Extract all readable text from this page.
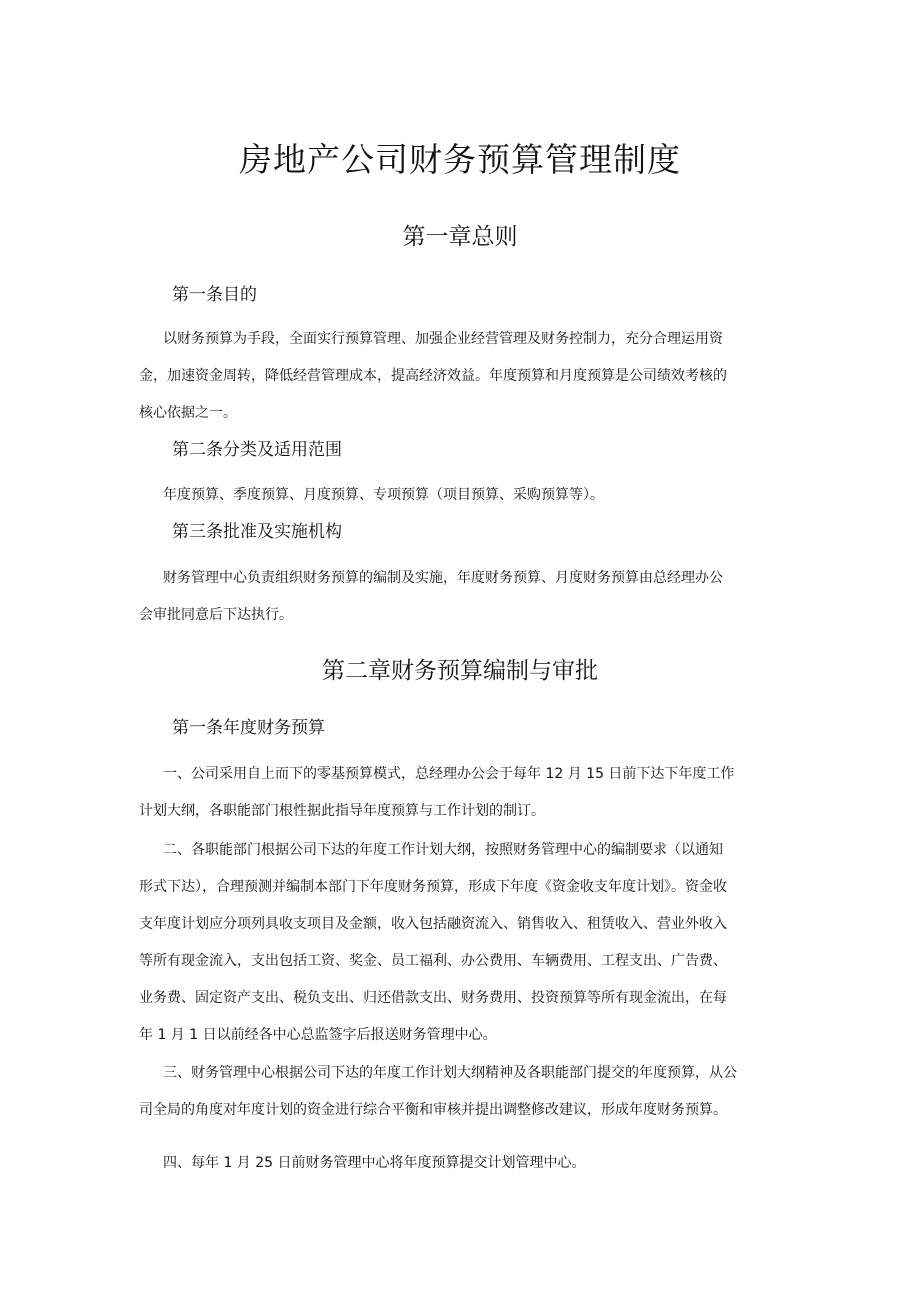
房地产公司财务预算管理制度
第一章总则
第一条目的
以财务预算为手段，全面实行预算管理、加强企业经营管理及财务控制力，充分合理运用资
金，加速资金周转，降低经营管理成本，提高经济效益。年度预算和月度预算是公司绩效考核的
核心依据之一。
第二条分类及适用范围
年度预算、季度预算、月度预算、专项预算（项目预算、采购预算等）。
第三条批准及实施机构
财务管理中心负责组织财务预算的编制及实施，年度财务预算、月度财务预算由总经理办公
会审批同意后下达执行。
第二章财务预算编制与审批
第一条年度财务预算
一、公司采用自上而下的零基预算模式，总经理办公会于每年 12 月 15 日前下达下年度工作
计划大纲，各职能部门根性据此指导年度预算与工作计划的制订。
二、各职能部门根据公司下达的年度工作计划大纲，按照财务管理中心的编制要求（以通知
形式下达），合理预测并编制本部门下年度财务预算，形成下年度《资金收支年度计划》。资金收
支年度计划应分项列具收支项目及金额，收入包括融资流入、销售收入、租赁收入、营业外收入
等所有现金流入，支出包括工资、奖金、员工福利、办公费用、车辆费用、工程支出、广告费、
业务费、固定资产支出、税负支出、归还借款支出、财务费用、投资预算等所有现金流出，在每
年 1 月 1 日以前经各中心总监签字后报送财务管理中心。
三、财务管理中心根据公司下达的年度工作计划大纲精神及各职能部门提交的年度预算，从公
司全局的角度对年度计划的资金进行综合平衡和审核并提出调整修改建议，形成年度财务预算。
四、每年 1 月 25 日前财务管理中心将年度预算提交计划管理中心。
